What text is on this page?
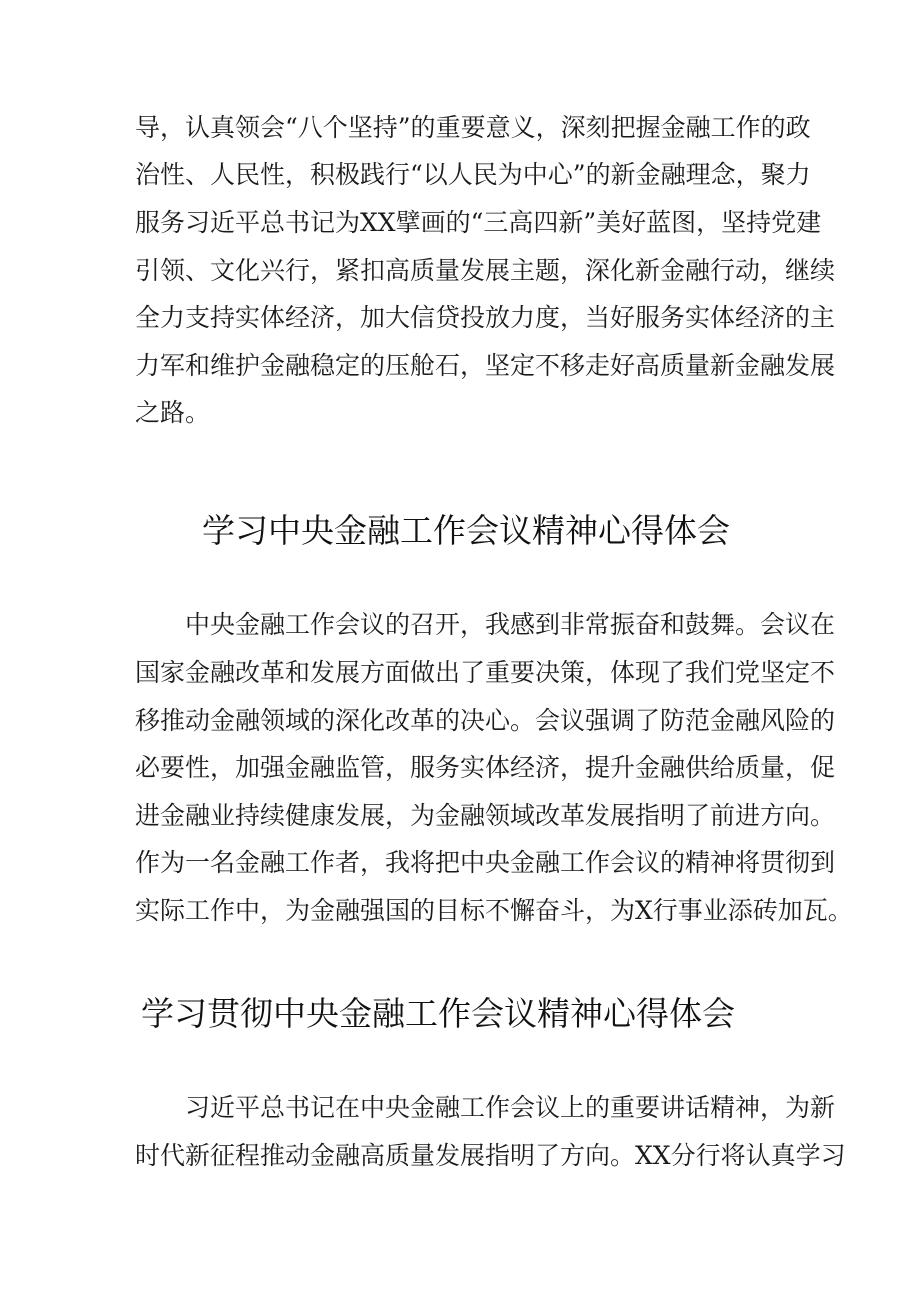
导，认真领会“八个坚持”的重要意义，深刻把握金融工作的政
治性、人民性，积极践行“以人民为中心”的新金融理念，聚力
服务习近平总书记为XX擘画的“三高四新”美好蓝图，坚持党建
引领、文化兴行，紧扣高质量发展主题，深化新金融行动，继续
全力支持实体经济，加大信贷投放力度，当好服务实体经济的主
力军和维护金融稳定的压舱石，坚定不移走好高质量新金融发展
之路。
学习中央金融工作会议精神心得体会
中央金融工作会议的召开，我感到非常振奋和鼓舞。会议在
国家金融改革和发展方面做出了重要决策，体现了我们党坚定不
移推动金融领域的深化改革的决心。会议强调了防范金融风险的
必要性，加强金融监管，服务实体经济，提升金融供给质量，促
进金融业持续健康发展，为金融领域改革发展指明了前进方向。
作为一名金融工作者，我将把中央金融工作会议的精神将贯彻到
实际工作中，为金融强国的目标不懈奋斗，为X行事业添砖加瓦。
学习贯彻中央金融工作会议精神心得体会
习近平总书记在中央金融工作会议上的重要讲话精神，为新
时代新征程推动金融高质量发展指明了方向。XX分行将认真学习
